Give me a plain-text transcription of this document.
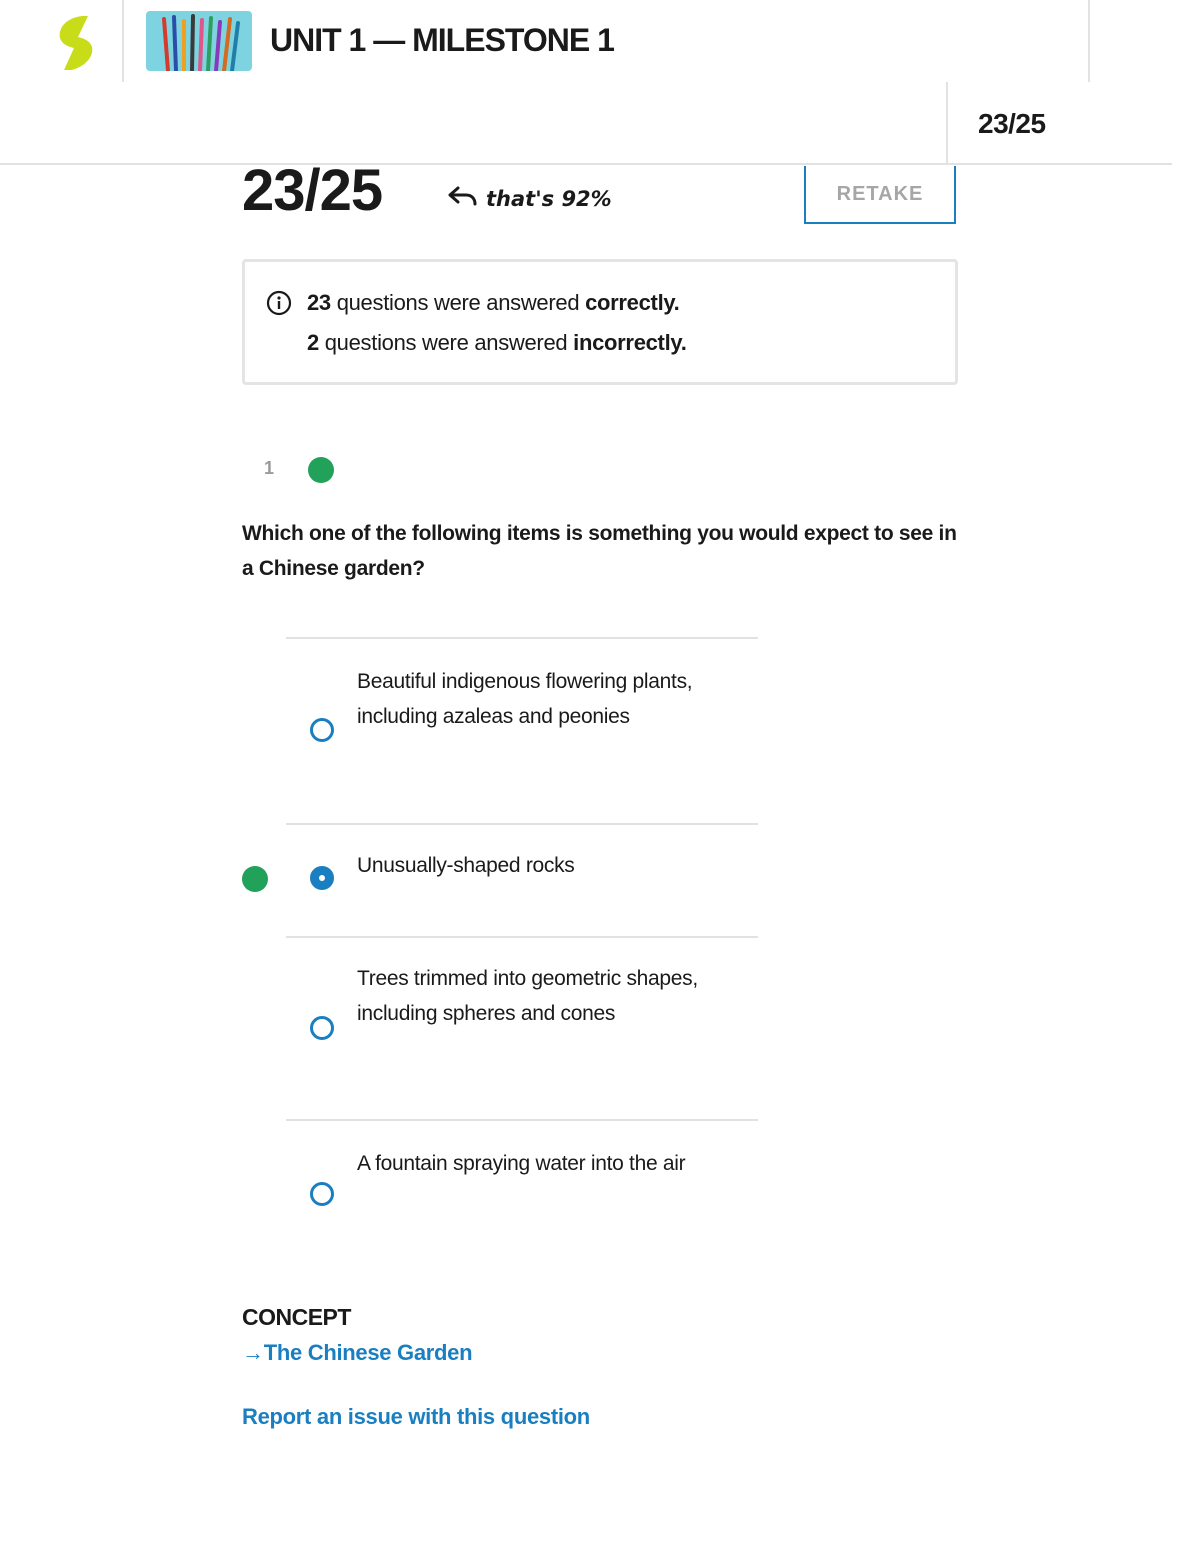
UNIT 1 — MILESTONE 1
23/25
23/25	that's 92%	RETAKE
23 questions were answered correctly.
2 questions were answered incorrectly.
1
Which one of the following items is something you would expect to see in a Chinese garden?
Beautiful indigenous flowering plants, including azaleas and peonies
Unusually-shaped rocks
Trees trimmed into geometric shapes, including spheres and cones
A fountain spraying water into the air
CONCEPT
→The Chinese Garden
Report an issue with this question
